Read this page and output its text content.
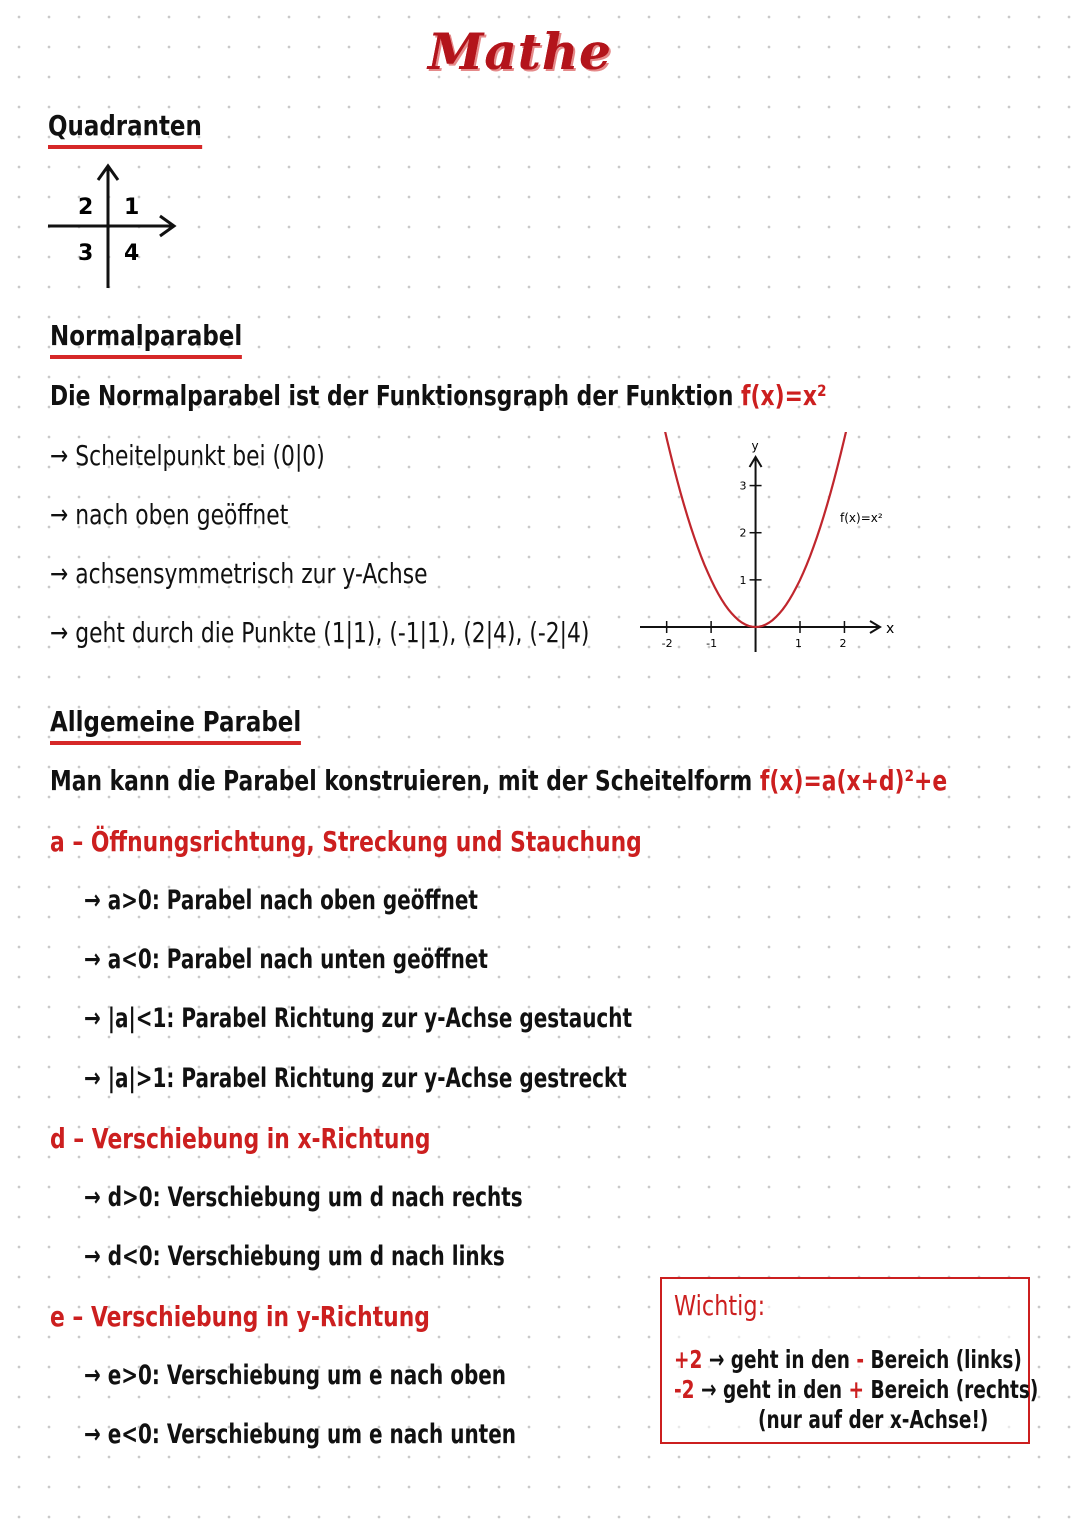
Mathe
Quadranten
2 1
3 4
Normalparabel
Die Normalparabel ist der Funktionsgraph der Funktion f(x)=x²
→ Scheitelpunkt bei (0|0)
→ nach oben geöffnet
→ achsensymmetrisch zur y-Achse
→ geht durch die Punkte (1|1), (-1|1), (2|4), (-2|4)	x
y
-2	-1	1	2
1
2
3
f(x)=x²
Allgemeine Parabel
Man kann die Parabel konstruieren, mit der Scheitelform f(x)=a(x+d)²+e
a – Öffnungsrichtung, Streckung und Stauchung
→ a>0: Parabel nach oben geöffnet
→ a<0: Parabel nach unten geöffnet
→ |a|<1: Parabel Richtung zur y-Achse gestaucht
→ |a|>1: Parabel Richtung zur y-Achse gestreckt
d – Verschiebung in x-Richtung
→ d>0: Verschiebung um d nach rechts
→ d<0: Verschiebung um d nach links
e – Verschiebung in y-Richtung
→ e>0: Verschiebung um e nach oben
→ e<0: Verschiebung um e nach unten
Wichtig:
+2 → geht in den - Bereich (links)
-2 → geht in den + Bereich (rechts)
(nur auf der x-Achse!)
